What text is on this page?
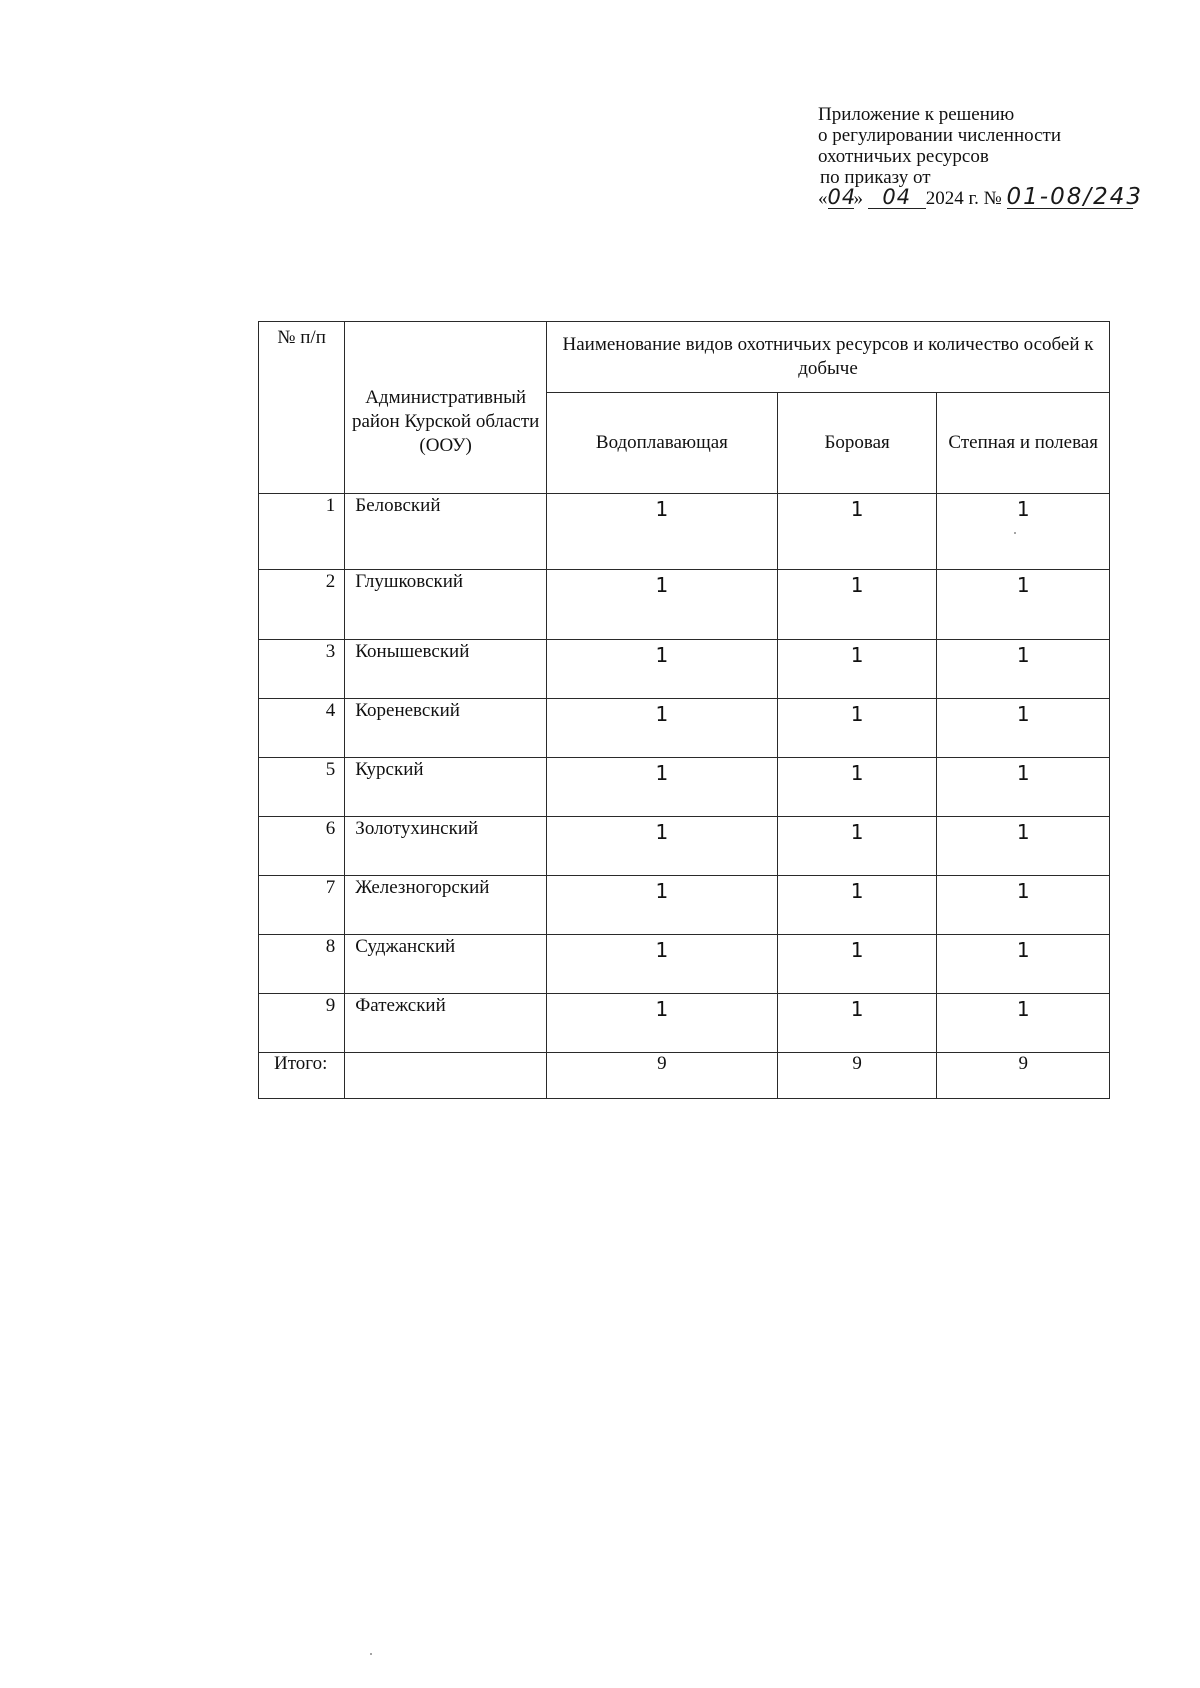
Приложение к решению
о регулировании численности
охотничьих ресурсов
по приказу от
«04» 04 2024 г. № 01-08/243
№ п/п	Административный район Курской области (ООУ)	Наименование видов охотничьих ресурсов и количество особей к добыче		
		Водоплавающая	Боровая	Степная и полевая
1	Беловский	1	1	1
2	Глушковский	1	1	1
3	Конышевский	1	1	1
4	Кореневский	1	1	1
5	Курский	1	1	1
6	Золотухинский	1	1	1
7	Железногорский	1	1	1
8	Суджанский	1	1	1
9	Фатежский	1	1	1
Итого:		9	9	9
